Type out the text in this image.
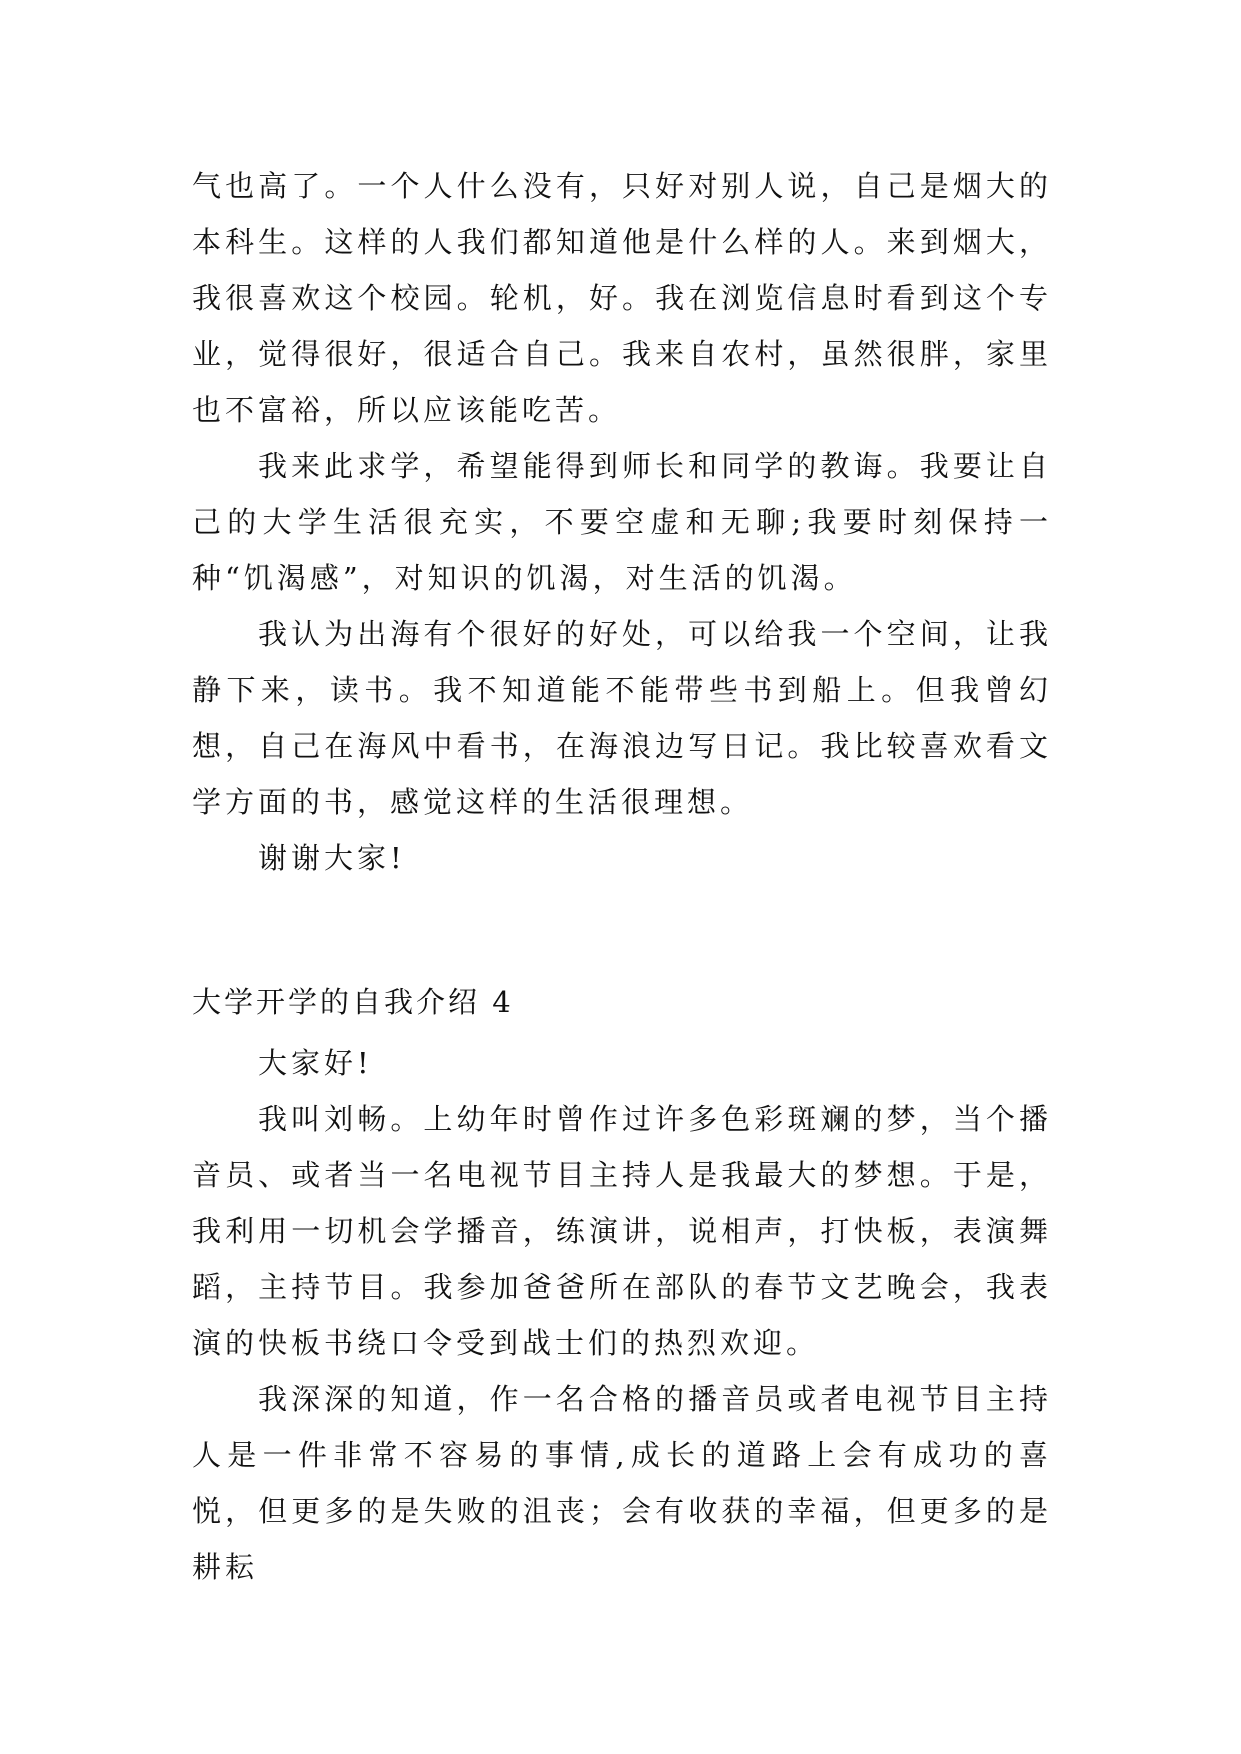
气也高了。一个人什么没有，只好对别人说，自己是烟大的本科生。这样的人我们都知道他是什么样的人。来到烟大，我很喜欢这个校园。轮机，好。我在浏览信息时看到这个专业，觉得很好，很适合自己。我来自农村，虽然很胖，家里也不富裕，所以应该能吃苦。

我来此求学，希望能得到师长和同学的教诲。我要让自己的大学生活很充实，不要空虚和无聊;我要时刻保持一种“饥渴感”，对知识的饥渴，对生活的饥渴。

我认为出海有个很好的好处，可以给我一个空间，让我静下来，读书。我不知道能不能带些书到船上。但我曾幻想，自己在海风中看书，在海浪边写日记。我比较喜欢看文学方面的书，感觉这样的生活很理想。

谢谢大家!

大学开学的自我介绍 4

大家好!

我叫刘畅。上幼年时曾作过许多色彩斑斓的梦，当个播音员、或者当一名电视节目主持人是我最大的梦想。于是，我利用一切机会学播音，练演讲，说相声，打快板，表演舞蹈，主持节目。我参加爸爸所在部队的春节文艺晚会，我表演的快板书绕口令受到战士们的热烈欢迎。

我深深的知道，作一名合格的播音员或者电视节目主持人是一件非常不容易的事情,成长的道路上会有成功的喜悦，但更多的是失败的沮丧；会有收获的幸福，但更多的是耕耘
